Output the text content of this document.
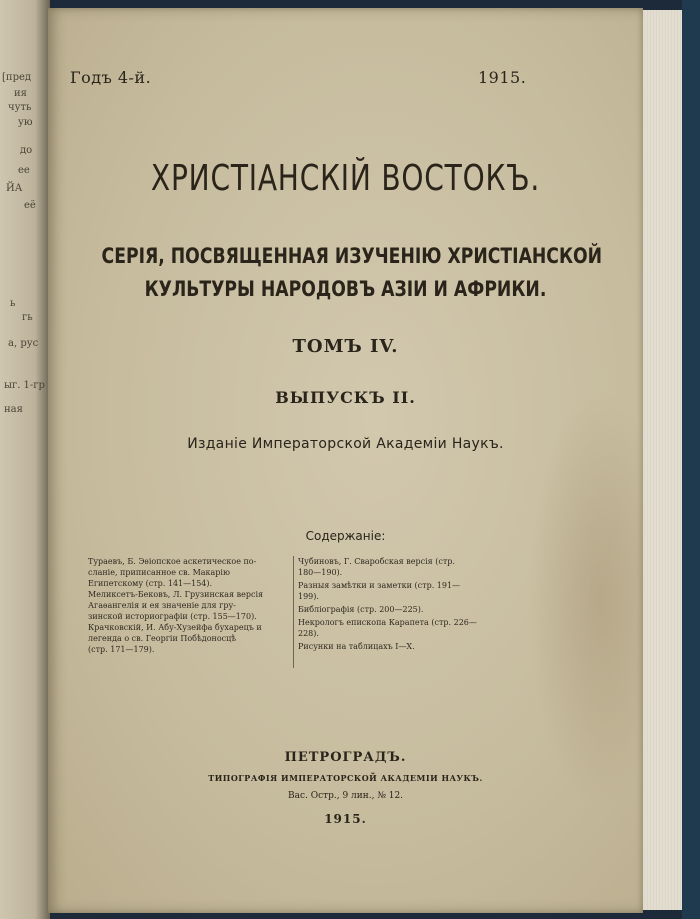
[пред
ия
чуть
ую
до
ее
ЙА
её
ь
гь
а, рус
ыг. 1-гр
ная
Годъ 4-й.	1915.
ХРИСТІАНСКІЙ ВОСТОКЪ.
СЕРІЯ, ПОСВЯЩЕННАЯ ИЗУЧЕНІЮ ХРИСТІАНСКОЙ
КУЛЬТУРЫ НАРОДОВЪ АЗІИ И АФРИКИ.
ТОМЪ IV.
ВЫПУСКЪ II.
Изданіе Императорской Академіи Наукъ.
Содержаніе:
Тураевъ, Б. Эѳіопское аскетическое по-
сланіе, приписанное св. Макарію
Египетскому (стр. 141—154).
Меликсетъ-Бековъ, Л. Грузинская версія
Агаѳангелія и ея значеніе для гру-
зинской историографіи (стр. 155—170).
Крачковскій, И. Абу-Хузейфа бухарецъ и
легенда о св. Георгіи Побѣдоносцѣ
(стр. 171—179).
Чубиновъ, Г. Сваробская версія (стр.
180—190).
Разныя замѣтки и заметки (стр. 191—
199).
Библіографія (стр. 200—225).
Некрологъ епископа Карапета (стр. 226—
228).
Рисунки на таблицахъ I—X.
ПЕТРОГРАДЪ.
ТИПОГРАФІЯ ИМПЕРАТОРСКОЙ АКАДЕМІИ НАУКЪ.
Вас. Остр., 9 лин., № 12.
1915.
